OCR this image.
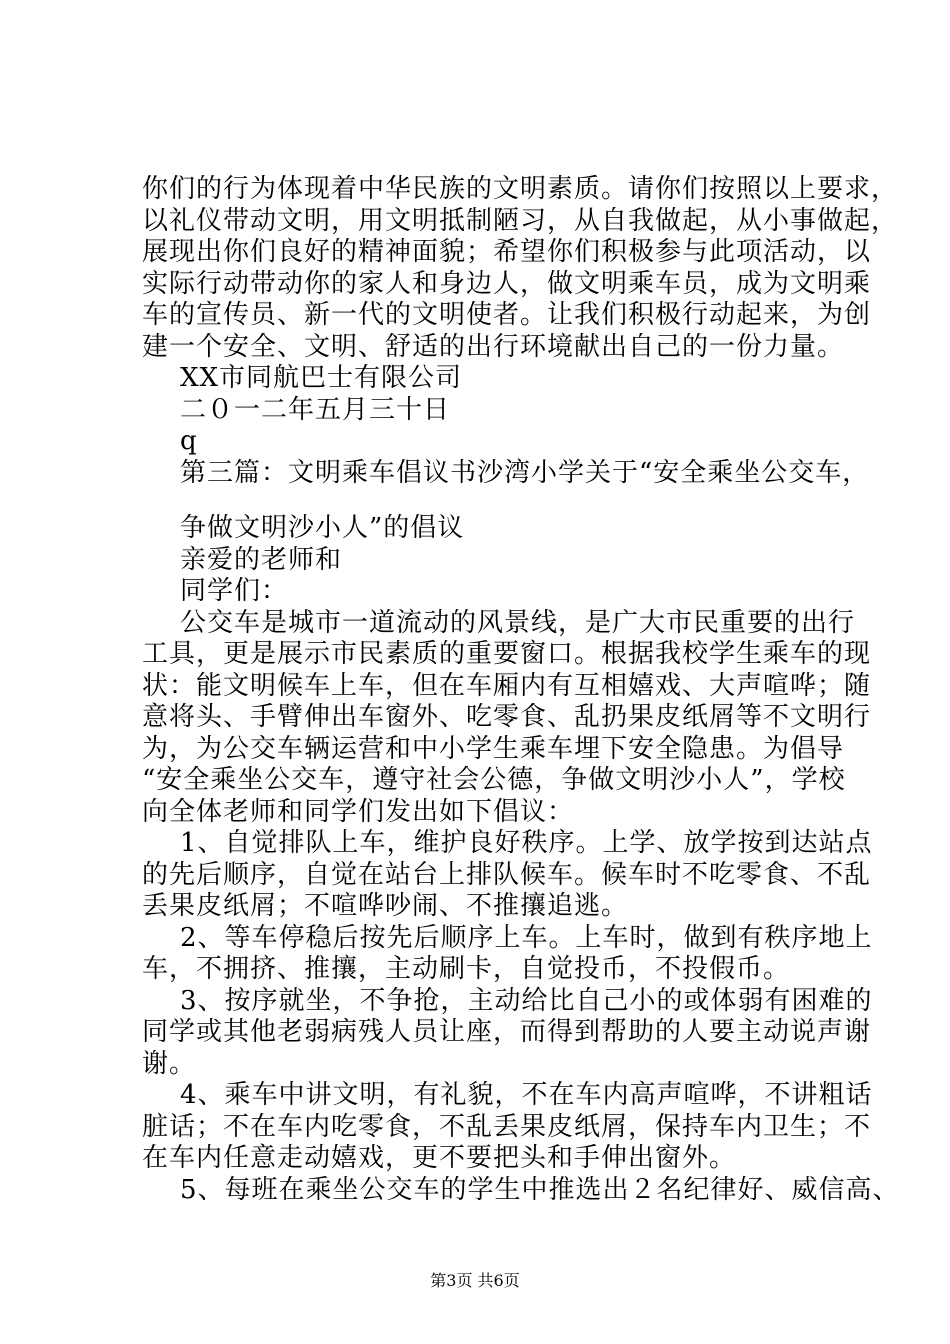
你们的行为体现着中华民族的文明素质。请你们按照以上要求，
以礼仪带动文明，用文明抵制陋习，从自我做起，从小事做起，
展现出你们良好的精神面貌；希望你们积极参与此项活动，以
实际行动带动你的家人和身边人，做文明乘车员，成为文明乘
车的宣传员、新一代的文明使者。让我们积极行动起来，为创
建一个安全、文明、舒适的出行环境献出自己的一份力量。

XX市同航巴士有限公司
二０一二年五月三十日
q
第三篇：文明乘车倡议书沙湾小学关于“安全乘坐公交车，
争做文明沙小人”的倡议
亲爱的老师和
同学们：

公交车是城市一道流动的风景线，是广大市民重要的出行
工具，更是展示市民素质的重要窗口。根据我校学生乘车的现
状：能文明候车上车，但在车厢内有互相嬉戏、大声喧哗；随
意将头、手臂伸出车窗外、吃零食、乱扔果皮纸屑等不文明行
为，为公交车辆运营和中小学生乘车埋下安全隐患。为倡导
“安全乘坐公交车，遵守社会公德，争做文明沙小人”，学校
向全体老师和同学们发出如下倡议：

1、自觉排队上车，维护良好秩序。上学、放学按到达站点
的先后顺序，自觉在站台上排队候车。候车时不吃零食、不乱
丢果皮纸屑；不喧哗吵闹、不推攘追逃。

2、等车停稳后按先后顺序上车。上车时，做到有秩序地上
车，不拥挤、推攘，主动刷卡，自觉投币，不投假币。

3、按序就坐，不争抢，主动给比自己小的或体弱有困难的
同学或其他老弱病残人员让座，而得到帮助的人要主动说声谢
谢。

4、乘车中讲文明，有礼貌，不在车内高声喧哗，不讲粗话
脏话；不在车内吃零食，不乱丢果皮纸屑，保持车内卫生；不
在车内任意走动嬉戏，更不要把头和手伸出窗外。

5、每班在乘坐公交车的学生中推选出２名纪律好、威信高、

第3页 共6页
